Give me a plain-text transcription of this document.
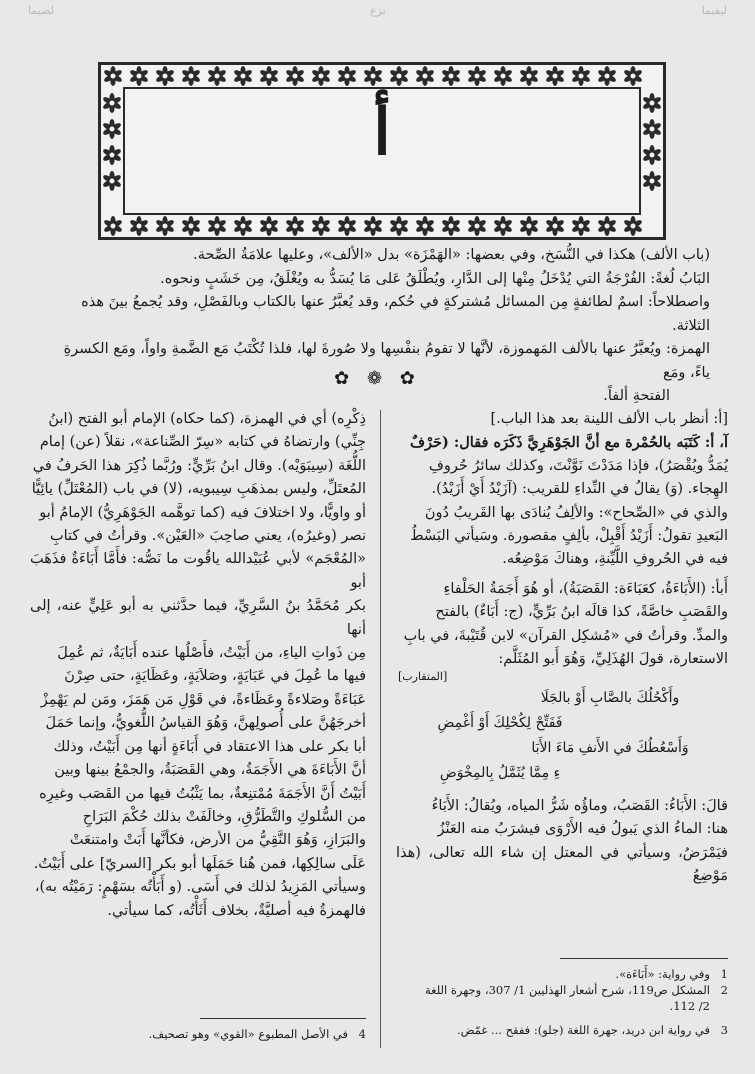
ليفيما
بزع
لصيما
أ

(باب الألف) هكذا في النُّسَخ، وفي بعضها: «الهَمْزَة» بدل «الألف»، وعليها علامَةُ الصِّحة.

البَابُ لُغةً: الفُرْجَةُ التي يُدْخَلُ مِنْها إلى الدَّارِ، ويُطْلَقُ عَلى مَا يُسَدُّ به ويُغْلَقُ، مِن خَشَبٍ ونحوه.

واصطلاحاً: اسمٌ لطائفةٍ مِن المسائل مُشتركةٍ في حُكم، وقد يُعبَّرُ عنها بالكتاب وبالفَصْلِ، وقد يُجمعُ بينَ هذه الثلاثة.

الهمزة: ويُعبَّرُ عنها بالألف المَهموزة، لأنَّها لا تقومُ بنفْسِها ولا صُورةَ لها، فلذا تُكْتَبُ مَع الضَّمةِ واواً، ومَع الكسرةِ ياءً، ومَع

الفتحةِ ألفاً.

✿ ❁ ✿

[أ: أنظر باب الألف اللينة بعد هذا الباب.]

آ، أ: كَتَبَه بالحُمْرة مع أنَّ الجَوْهَرِيَّ ذَكَرَه فقال: (حَرْفٌ

يُمَدُّ ويُقْصَرُ)، فإذا مَدَدْتَ نَوَّنْتَ، وكذلك سائرُ حُروفِ

الهِجاء. (وَ) يقالُ في النِّداءِ للقريب: (آزَيْدُ أَيْ أَزَيْدُ).

والذي في «الصِّحاح»: والألِفُ يُنادَى بها القَريبُ دُونَ

البَعيدِ تقولُ: أَزَيْدُ أَقْبِلْ، بألِفٍ مقصورة. وسَيأتي البَسْطُ

فيه في الحُروفِ اللَّيِّنةِ، وهناكَ مَوْضِعُه.

أَبأ: (الأَبَاءَةُ، كعَبَاءَة: القَصَبَةُ)، أو هُوَ أَجَمَةُ الحَلْفاءِ

والقَصَبِ خاصَّةً، كذا قالَه ابنُ بَرِّيٍّ، (ج: أَبَاءٌ) بالفتح

والمدِّ. وقرأتُ في «مُشكِل القرآن» لابن قُتَيْبةَ، في بابِ

الاستعارة، قولَ الهُذَلِيِّ، وَهُوَ أَبو المُثَلَّم:

[المتقارب]
وأَكْحُلُكَ بالصَّابِ أَوْ بالجَلَا
فَفَتِّحْ لِكُحْلِكَ أَوْ أَغْمِضِ
وَأَسْعُطُكَ في الأَنفِ مَاءَ الأَبَا
ءِ مِمَّا يُثَمَّلُ بِالمِخْوَضِ

قالَ: الأَبَاءُ: القَصَبُ، وماؤُه شَرُّ المياه، ويُقالُ: الأَبَاءُ

هنا: الماءُ الذي يَبولُ فيه الأَرْوَى فيشرَبُ منه العَنْزُ

فيَمْرَضُ، وسيأتي في المعتل إن شاء الله تعالى، (هذا مَوْضِعُ

ذِكْرِه) أي في الهمزة، (كما حكاه) الإمام أبو الفتح (ابنُ

جِنِّي) وارتضاهُ في كتابه «سِرّ الصِّناعة»، نقلاً (عن) إمام

اللُّغَة (سِيبَوَيْه). وقال ابنُ بَرِّيٍّ: ورُبَّما ذُكِرَ هذا الحَرفُ في

المُعتَلِّ، وليس بمذهَبِ سِيبويه، (لا) في باب (المُعْتَلِّ) يائِيًّا

أو واويًّا، ولا اختلافَ فيه (كما توهَّمه الجَوْهَرِيُّ) الإمامُ أبو

نصر (وغيرُه)، يعني صاحِبَ «العَيْن». وقرأتُ في كتابِ

«المُعْجَم» لأبي عُبَيْدالله ياقُوت ما نَصُّه: فأَمَّا أَبَاءَةٌ فذَهَبَ أبو

بكر مُحَمَّدُ بنُ السَّرِيِّ، فيما حدَّثني به أبو عَلِيٍّ عنه، إلى أنها

مِن ذَواتِ الياءِ، من أَبَيْتُ، فأَصْلُها عنده أَبَايَةٌ، ثم عُمِلَ

فيها ما عُمِلَ في عَبَايَةٍ، وصَلاَيَةٍ، وعَظَايَةٍ، حتى صِرْنَ

عَبَاءَةً وصَلاءةً وعَظَاءةً، في قَوْلِ مَن هَمَزَ، ومَن لم يَهْمِزْ

أخرجَهُنَّ على أُصولِهنَّ، وَهُوَ القياسُ اللُّغويُّ، وإنما حَمَلَ

أبا بكر على هذا الاعتقاد في أَبَاءَةٍ أنها مِن أَبَيْتُ، وذلك

أنَّ الأَبَاءَةَ هي الأَجَمَةُ، وهي القَصَبَةُ، والجمْعُ بينها وبين

أَبَيْتُ أَنَّ الأَجَمَةَ مُمْتنِعةٌ، بما يَثْبُتُ فيها من القَصَب وغيرِه

من السُّلوكِ والتَّطَرُّقِ، وخالَفَتْ بذلك حُكْمَ البَرَاحِ

والبَرَازِ، وَهُوَ النَّقِيُّ من الأرض، فكأنَّها أَبَتْ وامتنعَتْ

عَلَى سالِكِها، فمن هُنا حَمَلَها أبو بكر [السريّ] على أَبَيْتُ.

وسيأتي المَزِيدُ لذلك في أَسَى. (و أَبَأْتُه بسَهْمٍ: رَمَيْتُه به)،

فالهمزةُ فيه أصليَّةٌ، بخلاف أَثَأْتُه، كما سيأتي.

1وفي رواية: «أَبَاءَة».
2المشكل ص119، شرح أشعار الهذليين 1/ 307، وجهرة اللغة
2/ 112.
3في رواية ابن دريد، جهرة اللغة (جلو): ففقح ... غمّض.
4في الأصل المطبوع «القوي» وهو تصحيف.
